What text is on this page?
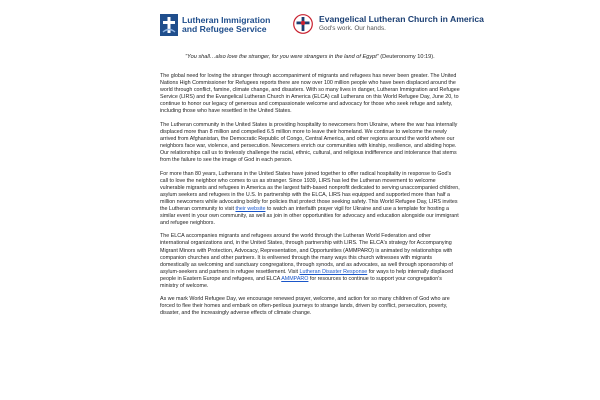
Lutheran Immigration
and Refugee Service
Evangelical Lutheran Church in America
God's work. Our hands.
“You shall…also love the stranger, for you were strangers in the land of Egypt” (Deuteronomy 10:19).

The global need for loving the stranger through accompaniment of migrants and refugees has never been greater. The United Nations High Commissioner for Refugees reports there are now over 100 million people who have been displaced around the world through conflict, famine, climate change, and disasters. With so many lives in danger, Lutheran Immigration and Refugee Service (LIRS) and the Evangelical Lutheran Church in America (ELCA) call Lutherans on this World Refugee Day, June 20, to continue to honor our legacy of generous and compassionate welcome and advocacy for those who seek refuge and safety, including those who have resettled in the United States.

The Lutheran community in the United States is providing hospitality to newcomers from Ukraine, where the war has internally displaced more than 8 million and compelled 6.5 million more to leave their homeland. We continue to welcome the newly arrived from Afghanistan, the Democratic Republic of Congo, Central America, and other regions around the world where our neighbors face war, violence, and persecution. Newcomers enrich our communities with kinship, resilience, and abiding hope. Our relationships call us to tirelessly challenge the racial, ethnic, cultural, and religious indifference and intolerance that stems from the failure to see the image of God in each person.

For more than 80 years, Lutherans in the United States have joined together to offer radical hospitality in response to God's call to love the neighbor who comes to us as stranger. Since 1939, LIRS has led the Lutheran movement to welcome vulnerable migrants and refugees in America as the largest faith-based nonprofit dedicated to serving unaccompanied children, asylum seekers and refugees in the U.S. In partnership with the ELCA, LIRS has equipped and supported more than half a million newcomers while advocating boldly for policies that protect those seeking safety. This World Refugee Day, LIRS invites the Lutheran community to visit their website to watch an interfaith prayer vigil for Ukraine and use a template for hosting a similar event in your own community, as well as join in other opportunities for advocacy and education alongside our immigrant and refugee neighbors.

The ELCA accompanies migrants and refugees around the world through the Lutheran World Federation and other international organizations and, in the United States, through partnership with LIRS. The ELCA's strategy for Accompanying Migrant Minors with Protection, Advocacy, Representation, and Opportunities (AMMPARO) is animated by relationships with companion churches and other partners. It is enlivened through the many ways this church witnesses with migrants domestically as welcoming and sanctuary congregations, through synods, and as advocates, as well through sponsorship of asylum-seekers and partners in refugee resettlement. Visit Lutheran Disaster Response for ways to help internally displaced people in Eastern Europe and refugees, and ELCA AMMPARO for resources to continue to support your congregation's ministry of welcome.

As we mark World Refugee Day, we encourage renewed prayer, welcome, and action for so many children of God who are forced to flee their homes and embark on often-perilous journeys to strange lands, driven by conflict, persecution, poverty, disaster, and the increasingly adverse effects of climate change.
